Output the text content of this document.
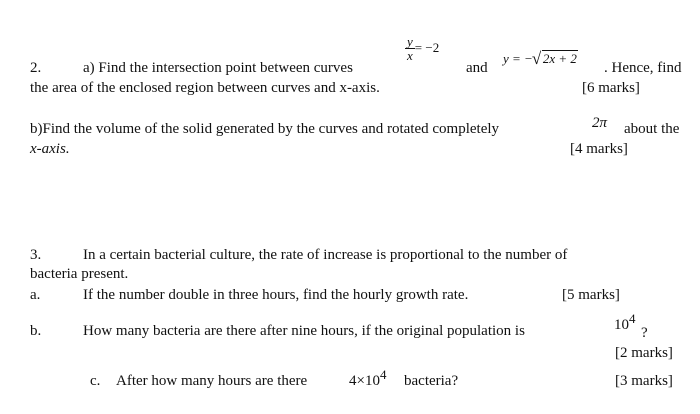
2.	a) Find the intersection point between curves
$\frac{y}{x} = -2$
and
y = −√ 2x + 2
. Hence, find
the area of the enclosed region between curves and x-axis.	[6 marks]
b)Find the volume of the solid generated by the curves and rotated completely	2π about the
x-axis.	[4 marks]
3.	In a certain bacterial culture, the rate of increase is proportional to the number of
bacteria present.
a.	If the number double in three hours, find the hourly growth rate.	[5 marks]
b.	How many bacteria are there after nine hours, if the original population is	$10^4$
?
[2 marks]
c. After how many hours are there	$4\times 10^4$ bacteria?	[3 marks]
